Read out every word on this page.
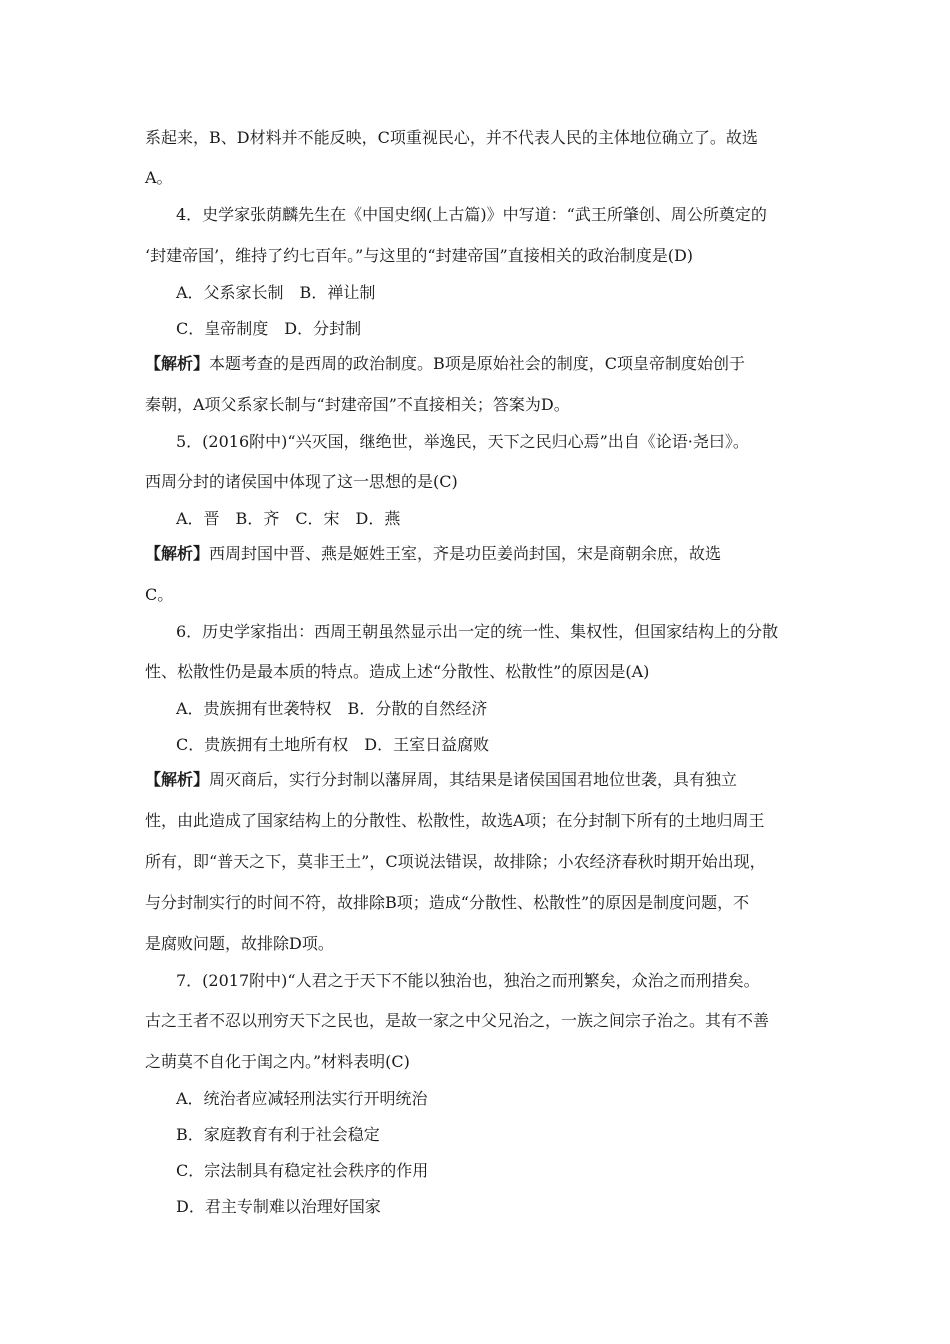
系起来，B、D材料并不能反映，C项重视民心，并不代表人民的主体地位确立了。故选
A。
4．史学家张荫麟先生在《中国史纲(上古篇)》中写道：“武王所肇创、周公所奠定的
‘封建帝国’，维持了约七百年。”与这里的“封建帝国”直接相关的政治制度是(D)
A．父系家长制　B．禅让制
C．皇帝制度　D．分封制
【解析】本题考查的是西周的政治制度。B项是原始社会的制度，C项皇帝制度始创于
秦朝，A项父系家长制与“封建帝国”不直接相关；答案为D。
5．(2016附中)“兴灭国，继绝世，举逸民，天下之民归心焉”出自《论语·尧曰》。
西周分封的诸侯国中体现了这一思想的是(C)
A．晋　B．齐　C．宋　D．燕
【解析】西周封国中晋、燕是姬姓王室，齐是功臣姜尚封国，宋是商朝余庶，故选
C。
6．历史学家指出：西周王朝虽然显示出一定的统一性、集权性，但国家结构上的分散
性、松散性仍是最本质的特点。造成上述“分散性、松散性”的原因是(A)
A．贵族拥有世袭特权　B．分散的自然经济
C．贵族拥有土地所有权　D．王室日益腐败
【解析】周灭商后，实行分封制以藩屏周，其结果是诸侯国国君地位世袭，具有独立
性，由此造成了国家结构上的分散性、松散性，故选A项；在分封制下所有的土地归周王
所有，即“普天之下，莫非王土”，C项说法错误，故排除；小农经济春秋时期开始出现，
与分封制实行的时间不符，故排除B项；造成“分散性、松散性”的原因是制度问题，不
是腐败问题，故排除D项。
7．(2017附中)“人君之于天下不能以独治也，独治之而刑繁矣，众治之而刑措矣。
古之王者不忍以刑穷天下之民也，是故一家之中父兄治之，一族之间宗子治之。其有不善
之萌莫不自化于闺之内。”材料表明(C)
A．统治者应减轻刑法实行开明统治
B．家庭教育有利于社会稳定
C．宗法制具有稳定社会秩序的作用
D．君主专制难以治理好国家
